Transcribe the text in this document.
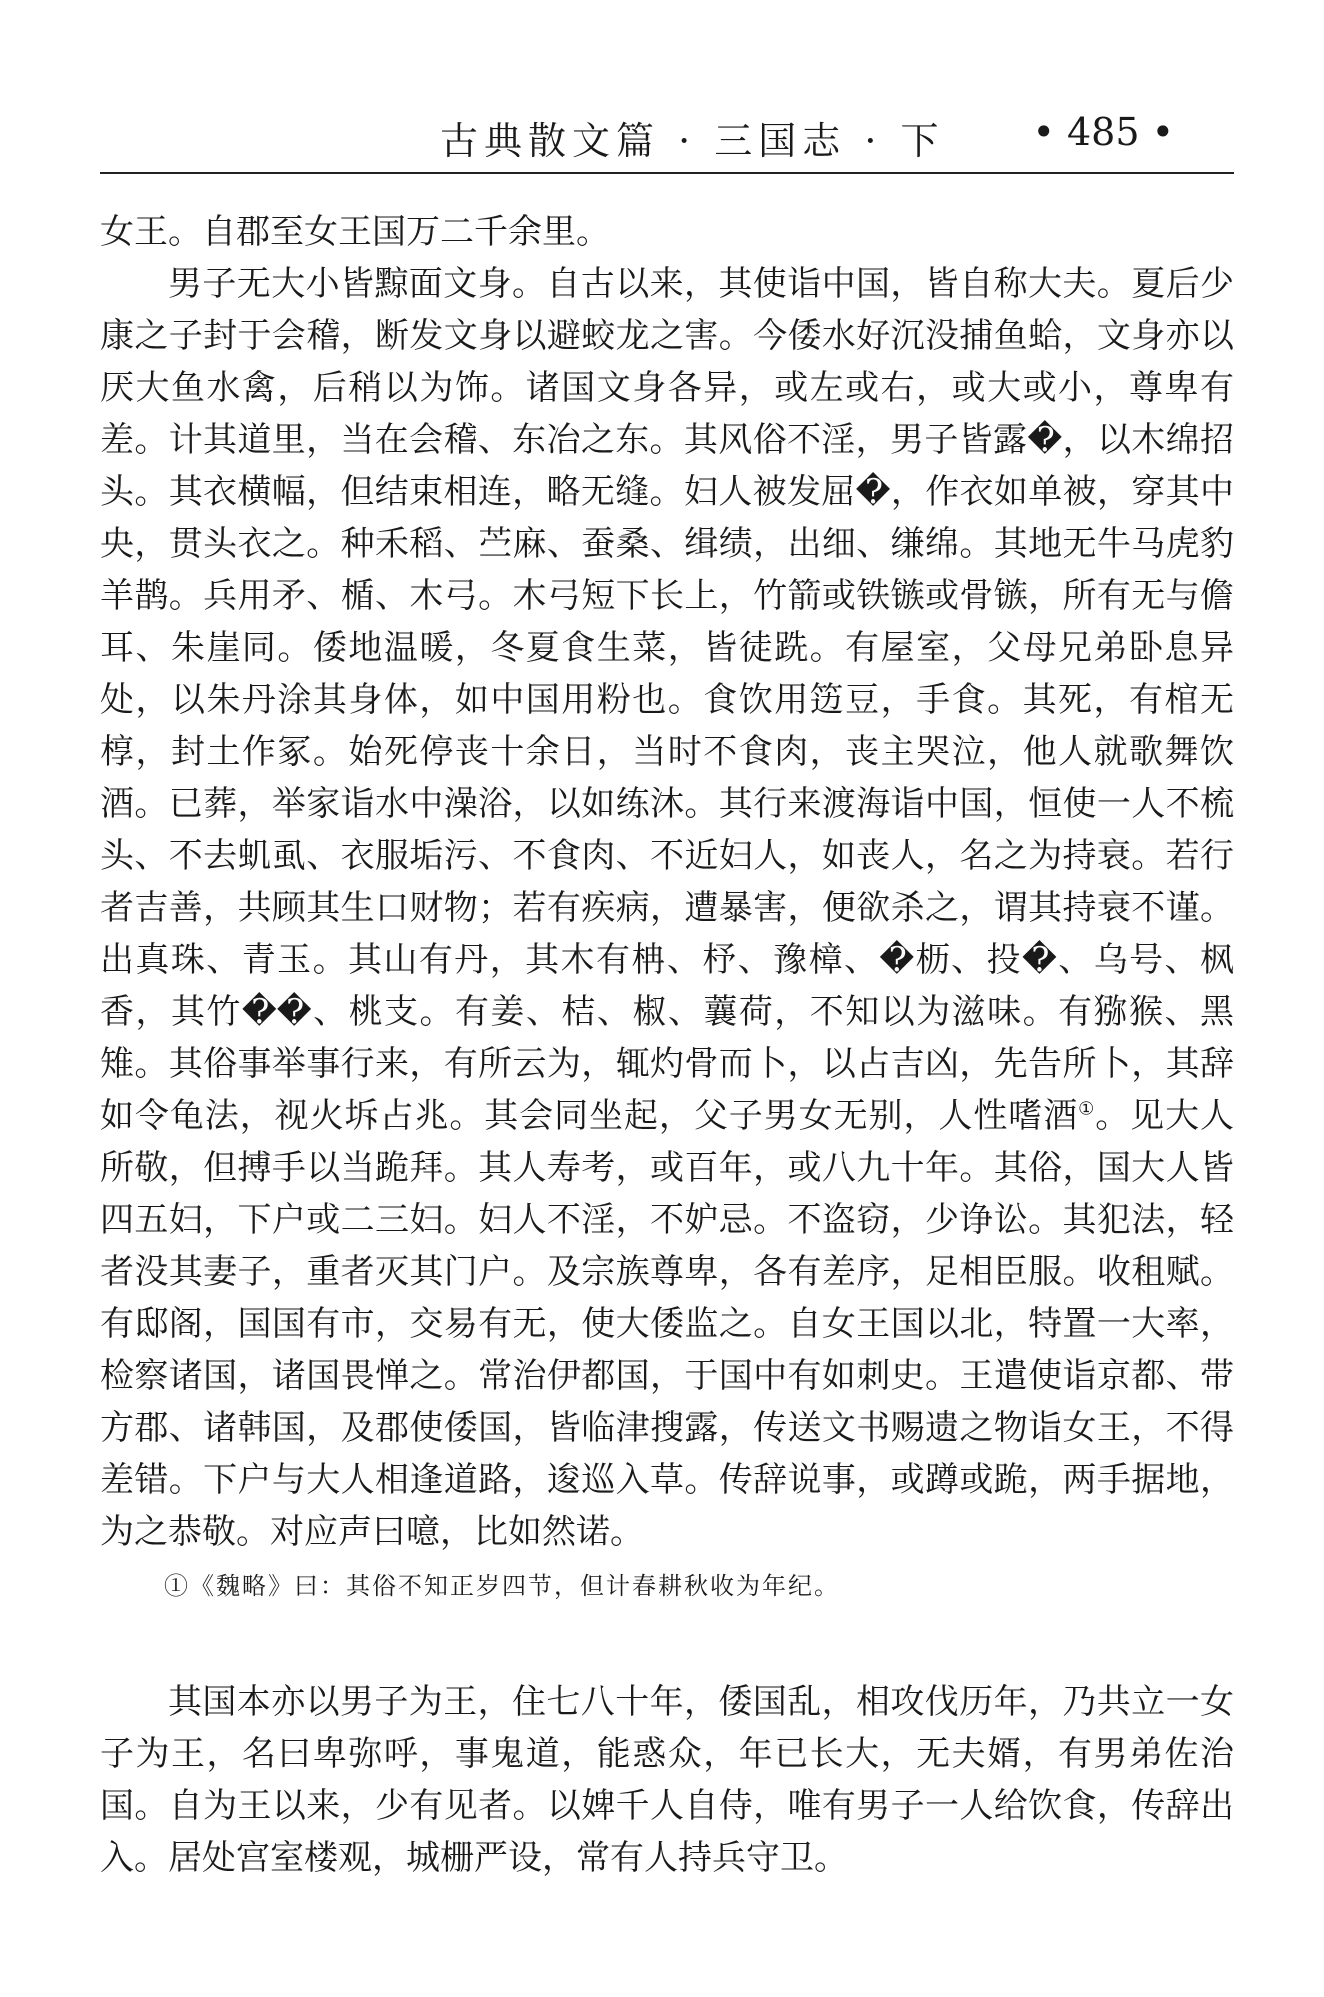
古典散文篇 · 三国志 · 下 • 485 •

女王。自郡至女王国万二千余里。

男子无大小皆黥面文身。自古以来，其使诣中国，皆自称大夫。夏后少康之子封于会稽，断发文身以避蛟龙之害。今倭水好沉没捕鱼蛤，文身亦以厌大鱼水禽，后稍以为饰。诸国文身各异，或左或右，或大或小，尊卑有差。计其道里，当在会稽、东冶之东。其风俗不淫，男子皆露�，以木绵招头。其衣横幅，但结束相连，略无缝。妇人被发屈�，作衣如单被，穿其中央，贯头衣之。种禾稻、苎麻、蚕桑、缉绩，出细、缣绵。其地无牛马虎豹羊鹊。兵用矛、楯、木弓。木弓短下长上，竹箭或铁镞或骨镞，所有无与儋耳、朱崖同。倭地温暖，冬夏食生菜，皆徒跣。有屋室，父母兄弟卧息异处，以朱丹涂其身体，如中国用粉也。食饮用笾豆，手食。其死，有棺无椁，封土作冢。始死停丧十余日，当时不食肉，丧主哭泣，他人就歌舞饮酒。已葬，举家诣水中澡浴，以如练沐。其行来渡海诣中国，恒使一人不梳头、不去虮虱、衣服垢污、不食肉、不近妇人，如丧人，名之为持衰。若行者吉善，共顾其生口财物；若有疾病，遭暴害，便欲杀之，谓其持衰不谨。出真珠、青玉。其山有丹，其木有柟、杼、豫樟、�枥、投�、乌号、枫香，其竹��、桃支。有姜、桔、椒、蘘荷，不知以为滋味。有猕猴、黑雉。其俗事举事行来，有所云为，辄灼骨而卜，以占吉凶，先告所卜，其辞如令龟法，视火坼占兆。其会同坐起，父子男女无别，人性嗜酒①。见大人所敬，但搏手以当跪拜。其人寿考，或百年，或八九十年。其俗，国大人皆四五妇，下户或二三妇。妇人不淫，不妒忌。不盗窃，少诤讼。其犯法，轻者没其妻子，重者灭其门户。及宗族尊卑，各有差序，足相臣服。收租赋。有邸阁，国国有市，交易有无，使大倭监之。自女王国以北，特置一大率，检察诸国，诸国畏惮之。常治伊都国，于国中有如刺史。王遣使诣京都、带方郡、诸韩国，及郡使倭国，皆临津搜露，传送文书赐遗之物诣女王，不得差错。下户与大人相逢道路，逡巡入草。传辞说事，或蹲或跪，两手据地，为之恭敬。对应声曰噫，比如然诺。

①《魏略》曰：其俗不知正岁四节，但计春耕秋收为年纪。

其国本亦以男子为王，住七八十年，倭国乱，相攻伐历年，乃共立一女子为王，名曰卑弥呼，事鬼道，能惑众，年已长大，无夫婿，有男弟佐治国。自为王以来，少有见者。以婢千人自侍，唯有男子一人给饮食，传辞出入。居处宫室楼观，城栅严设，常有人持兵守卫。
